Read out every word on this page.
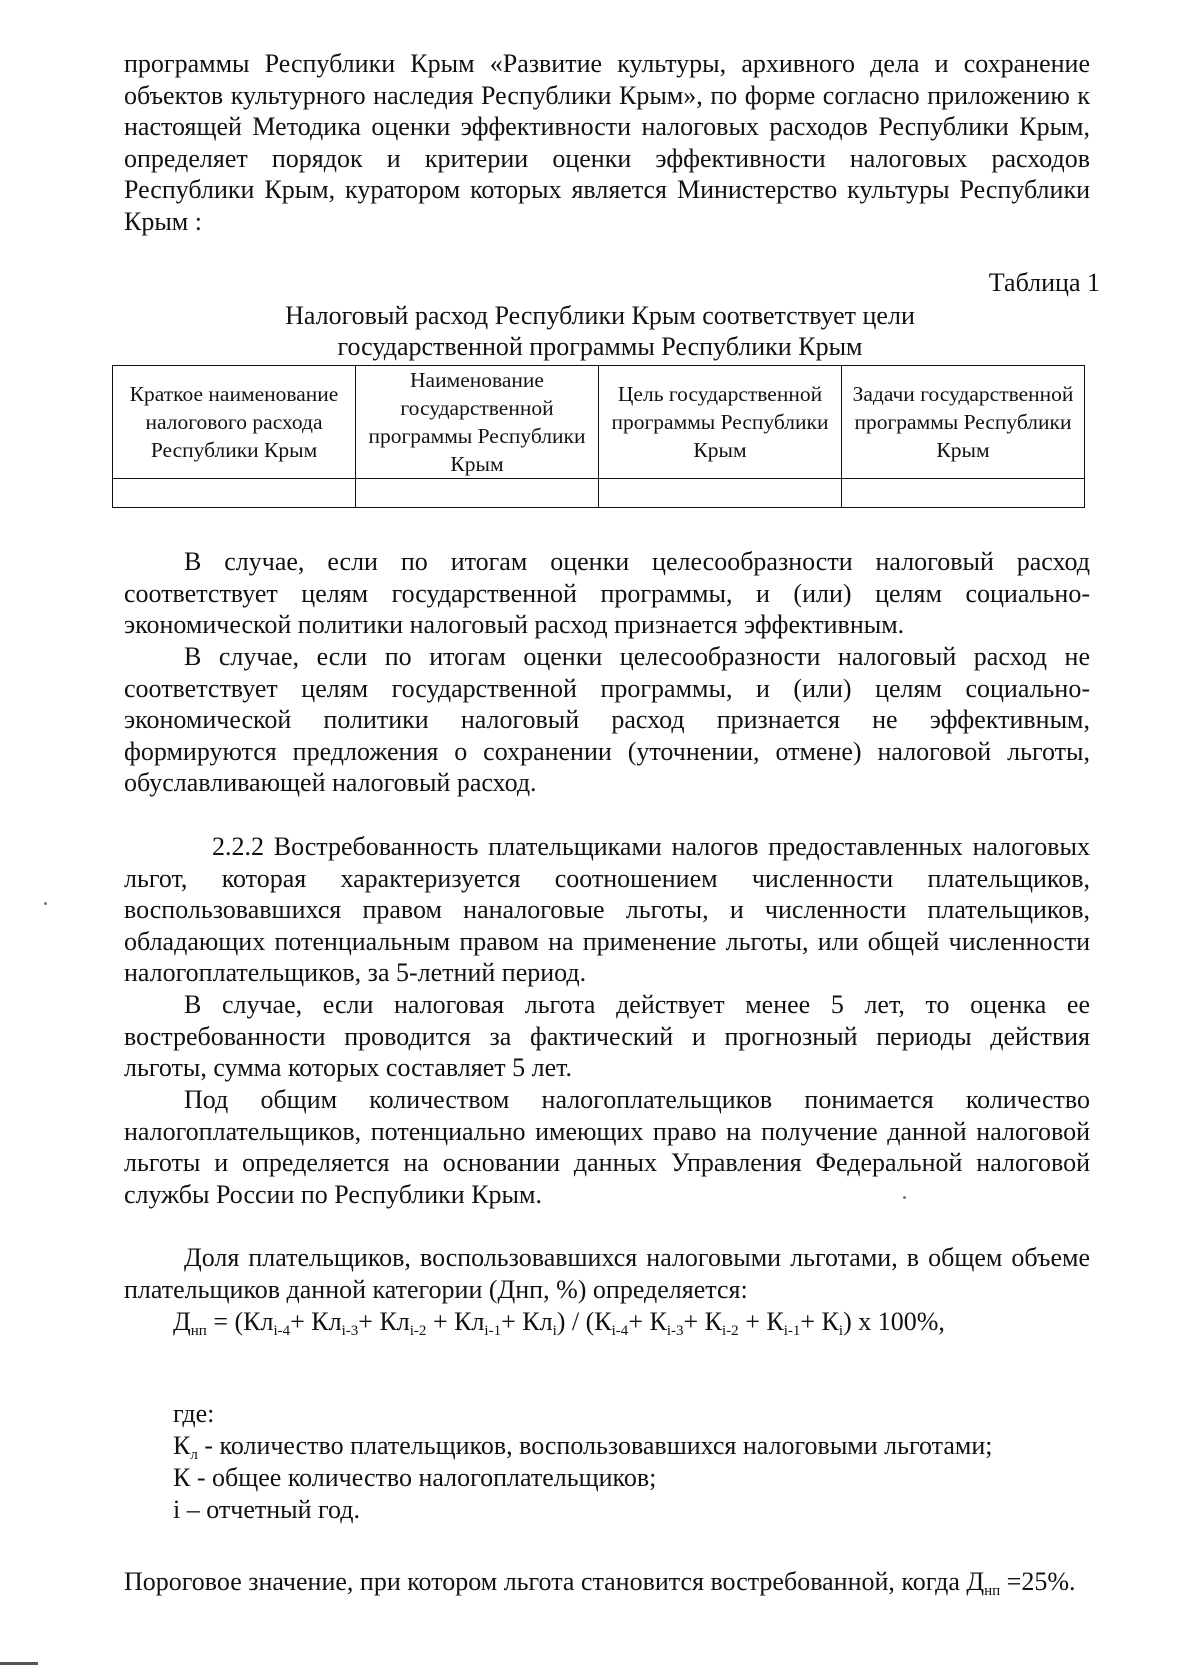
программы Республики Крым «Развитие культуры, архивного дела и сохранение объектов культурного наследия Республики Крым», по форме согласно приложению к настоящей Методика оценки эффективности налоговых расходов Республики Крым, определяет порядок и критерии оценки эффективности налоговых расходов Республики Крым, куратором которых является Министерство культуры Республики Крым :

Таблица 1

Налоговый расход Республики Крым соответствует цели
государственной программы Республики Крым
Краткое наименование налогового расхода Республики Крым	Наименование государственной программы Республики Крым	Цель государственной программы Республики Крым	Задачи государственной программы Республики Крым

В случае, если по итогам оценки целесообразности налоговый расход соответствует целям государственной программы, и (или) целям социально-экономической политики налоговый расход признается эффективным.

В случае, если по итогам оценки целесообразности налоговый расход не соответствует целям государственной программы, и (или) целям социально-экономической политики налоговый расход признается не эффективным, формируются предложения о сохранении (уточнении, отмене) налоговой льготы, обуславливающей налоговый расход.

2.2.2 Востребованность плательщиками налогов предоставленных налоговых льгот, которая характеризуется соотношением численности плательщиков, воспользовавшихся правом наналоговые льготы, и численности плательщиков, обладающих потенциальным правом на применение льготы, или общей численности налогоплательщиков, за 5-летний период.

В случае, если налоговая льгота действует менее 5 лет, то оценка ее востребованности проводится за фактический и прогнозный периоды действия льготы, сумма которых составляет 5 лет.

Под общим количеством налогоплательщиков понимается количество налогоплательщиков, потенциально имеющих право на получение данной налоговой льготы и определяется на основании данных Управления Федеральной налоговой службы России по Республики Крым.

Доля плательщиков, воспользовавшихся налоговыми льготами, в общем объеме плательщиков данной категории (Днп, %) определяется:

$Д_{нп} = (Кл_{i-4}+ Кл_{i-3}+ Кл_{i-2} + Кл_{i-1}+ Кл_i) / (К_{i-4}+ К_{i-3}+ К_{i-2} + К_{i-1}+ К_i)$ x 100%,

где:

$К_л$ - количество плательщиков, воспользовавшихся налоговыми льготами;

К - общее количество налогоплательщиков;

i – отчетный год.

Пороговое значение, при котором льгота становится востребованной, когда $Д_{нп} =25\%$.
